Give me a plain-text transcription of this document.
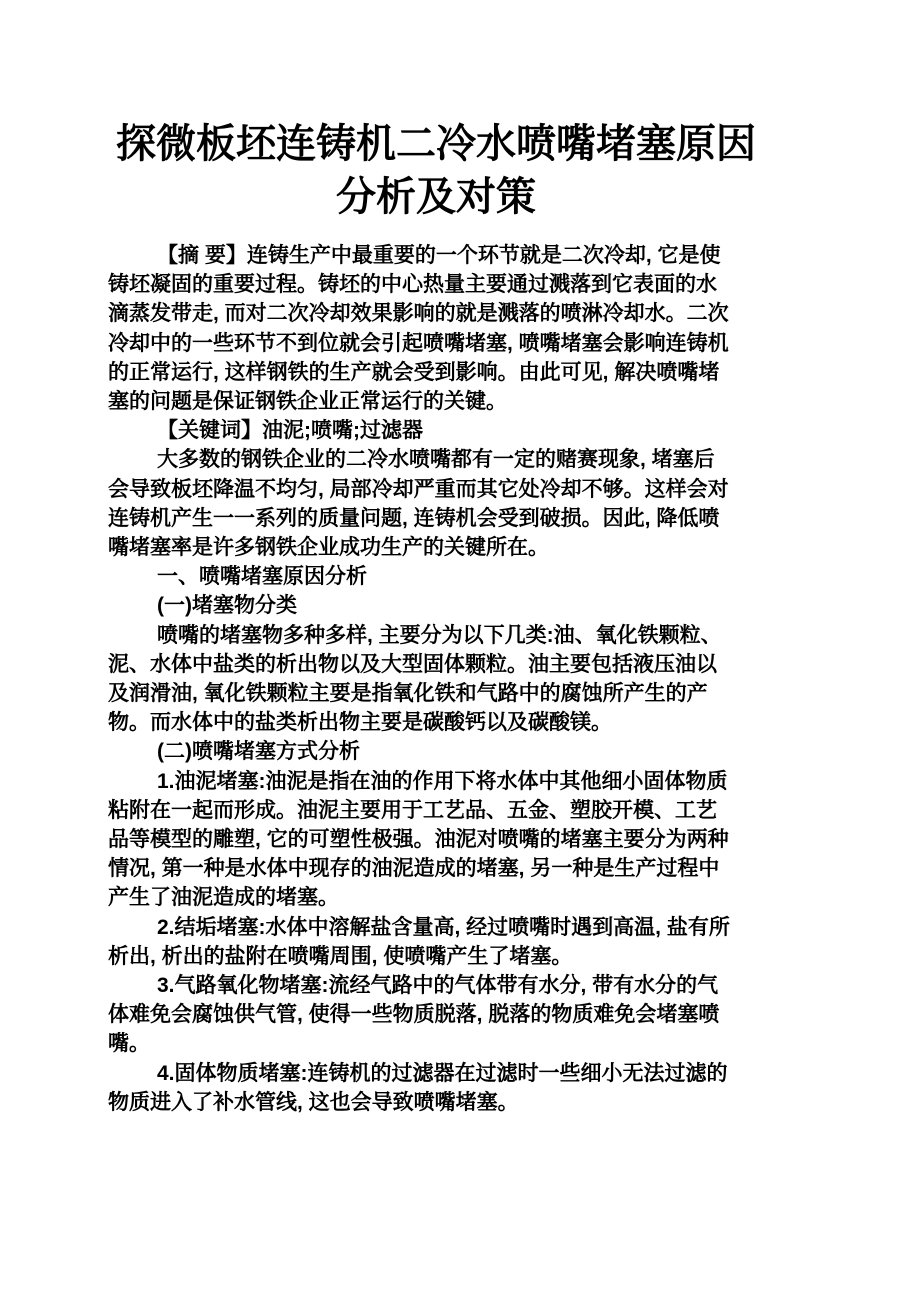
探微板坯连铸机二冷水喷嘴堵塞原因分析及对策

【摘 要】连铸生产中最重要的一个环节就是二次冷却, 它是使铸坯凝固的重要过程。铸坯的中心热量主要通过溅落到它表面的水滴蒸发带走, 而对二次冷却效果影响的就是溅落的喷淋冷却水。二次冷却中的一些环节不到位就会引起喷嘴堵塞, 喷嘴堵塞会影响连铸机的正常运行, 这样钢铁的生产就会受到影响。由此可见, 解决喷嘴堵塞的问题是保证钢铁企业正常运行的关键。

【关键词】油泥;喷嘴;过滤器

大多数的钢铁企业的二冷水喷嘴都有一定的赌赛现象, 堵塞后会导致板坯降温不均匀, 局部冷却严重而其它处冷却不够。这样会对连铸机产生一一系列的质量问题, 连铸机会受到破损。因此, 降低喷嘴堵塞率是许多钢铁企业成功生产的关键所在。

一、喷嘴堵塞原因分析

(一)堵塞物分类

喷嘴的堵塞物多种多样, 主要分为以下几类:油、氧化铁颗粒、泥、水体中盐类的析出物以及大型固体颗粒。油主要包括液压油以及润滑油, 氧化铁颗粒主要是指氧化铁和气路中的腐蚀所产生的产物。而水体中的盐类析出物主要是碳酸钙以及碳酸镁。

(二)喷嘴堵塞方式分析

1.油泥堵塞:油泥是指在油的作用下将水体中其他细小固体物质粘附在一起而形成。油泥主要用于工艺品、五金、塑胶开模、工艺品等模型的雕塑, 它的可塑性极强。油泥对喷嘴的堵塞主要分为两种情况, 第一种是水体中现存的油泥造成的堵塞, 另一种是生产过程中产生了油泥造成的堵塞。

2.结垢堵塞:水体中溶解盐含量高, 经过喷嘴时遇到高温, 盐有所析出, 析出的盐附在喷嘴周围, 使喷嘴产生了堵塞。

3.气路氧化物堵塞:流经气路中的气体带有水分, 带有水分的气体难免会腐蚀供气管, 使得一些物质脱落, 脱落的物质难免会堵塞喷嘴。

4.固体物质堵塞:连铸机的过滤器在过滤时一些细小无法过滤的物质进入了补水管线, 这也会导致喷嘴堵塞。
